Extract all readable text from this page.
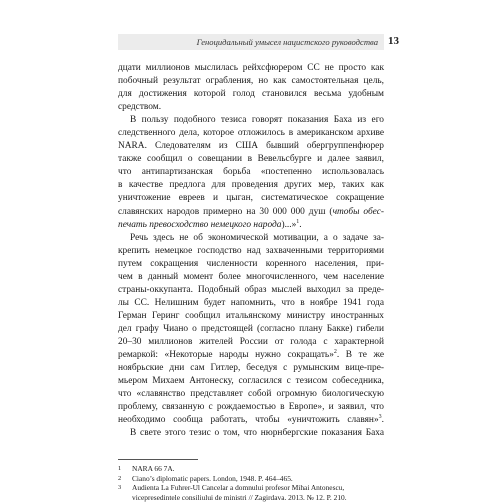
Геноцидальный умысел нацистского руководства 13

дцати миллионов мыслилась рейхсфюрером СС не просто как
побочный результат ограбления, но как самостоятельная цель,
для достижения которой голод становился весьма удобным
средством.

В пользу подобного тезиса говорят показания Баха из его
следственного дела, которое отложилось в американском архиве
NARA. Следователям из США бывший обергруппенфюрер
также сообщил о совещании в Вевельсбурге и далее заявил,
что антипартизанская борьба «постепенно использовалась
в качестве предлога для проведения других мер, таких как
уничтожение евреев и цыган, систематическое сокращение
славянских народов примерно на 30 000 000 душ (чтобы обес-
печать превосходство немецкого народа)...»$^1$.

Речь здесь не об экономической мотивации, а о задаче за-
крепить немецкое господство над захваченными территориями
путем сокращения численности коренного населения, при-
чем в данный момент более многочисленного, чем население
страны-оккупанта. Подобный образ мыслей выходил за преде-
лы СС. Нелишним будет напомнить, что в ноябре 1941 года
Герман Геринг сообщил итальянскому министру иностранных
дел графу Чиано о предстоящей (согласно плану Бакке) гибели
20–30 миллионов жителей России от голода с характерной
ремаркой: «Некоторые народы нужно сокращать»$^2$. В те же
ноябрьские дни сам Гитлер, беседуя с румынским вице-пре-
мьером Михаем Антонеску, согласился с тезисом собеседника,
что «славянство представляет собой огромную биологическую
проблему, связанную с рождаемостью в Европе», и заявил, что
необходимо сообща работать, чтобы «уничтожить славян»$^3$.
В свете этого тезис о том, что нюрнбергские показания Баха

1	NARA 66 7A.
2	Ciano’s diplomatic papers. London, 1948. P. 464–465.
3	Audienta La Fuhrer-Ul Cancelar a domnului profesor Mihai Antonescu,
vicepresedintele consiliului de ministri // Zagirdava. 2013. № 12. P. 210.
